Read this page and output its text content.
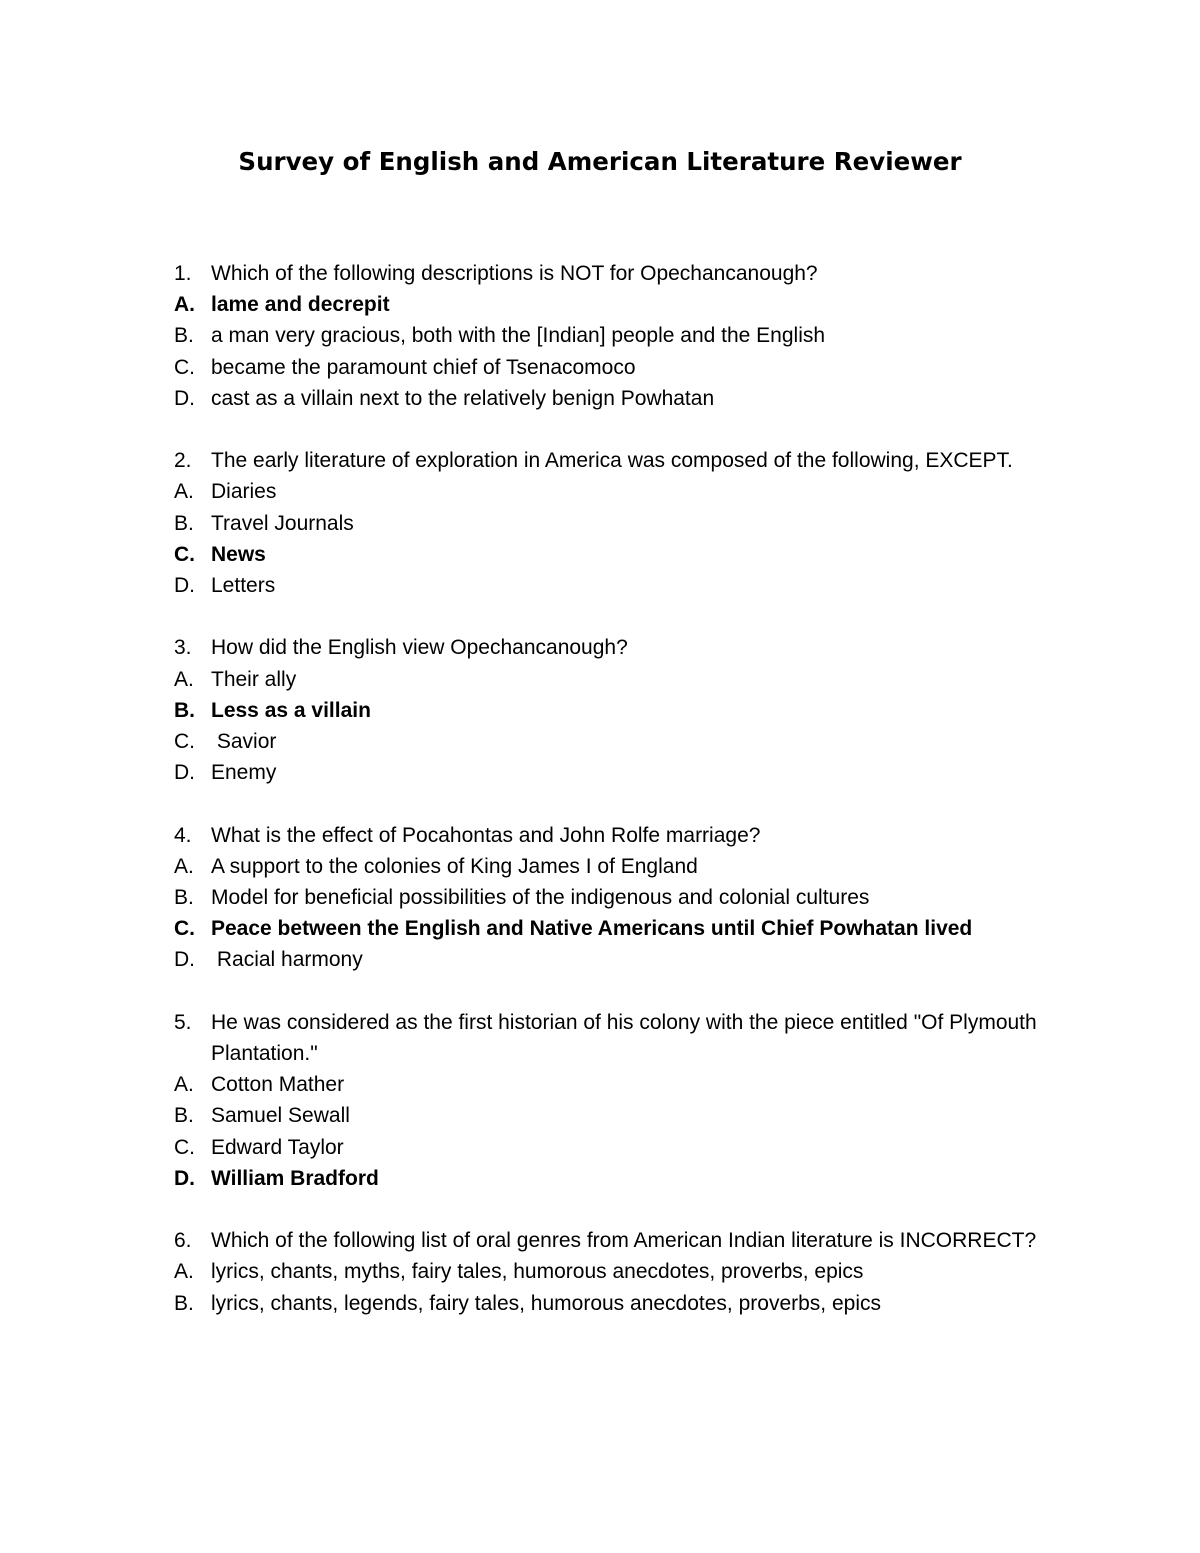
Survey of English and American Literature Reviewer
1. Which of the following descriptions is NOT for Opechancanough?
A. lame and decrepit
B. a man very gracious, both with the [Indian] people and the English
C. became the paramount chief of Tsenacomoco
D. cast as a villain next to the relatively benign Powhatan
2. The early literature of exploration in America was composed of the following, EXCEPT.
A. Diaries
B. Travel Journals
C. News
D. Letters
3. How did the English view Opechancanough?
A. Their ally
B. Less as a villain
C. Savior
D. Enemy
4. What is the effect of Pocahontas and John Rolfe marriage?
A. A support to the colonies of King James I of England
B. Model for beneficial possibilities of the indigenous and colonial cultures
C. Peace between the English and Native Americans until Chief Powhatan lived
D. Racial harmony
5. He was considered as the first historian of his colony with the piece entitled "Of Plymouth Plantation."
A. Cotton Mather
B. Samuel Sewall
C. Edward Taylor
D. William Bradford
6. Which of the following list of oral genres from American Indian literature is INCORRECT?
A. lyrics, chants, myths, fairy tales, humorous anecdotes, proverbs, epics
B. lyrics, chants, legends, fairy tales, humorous anecdotes, proverbs, epics
